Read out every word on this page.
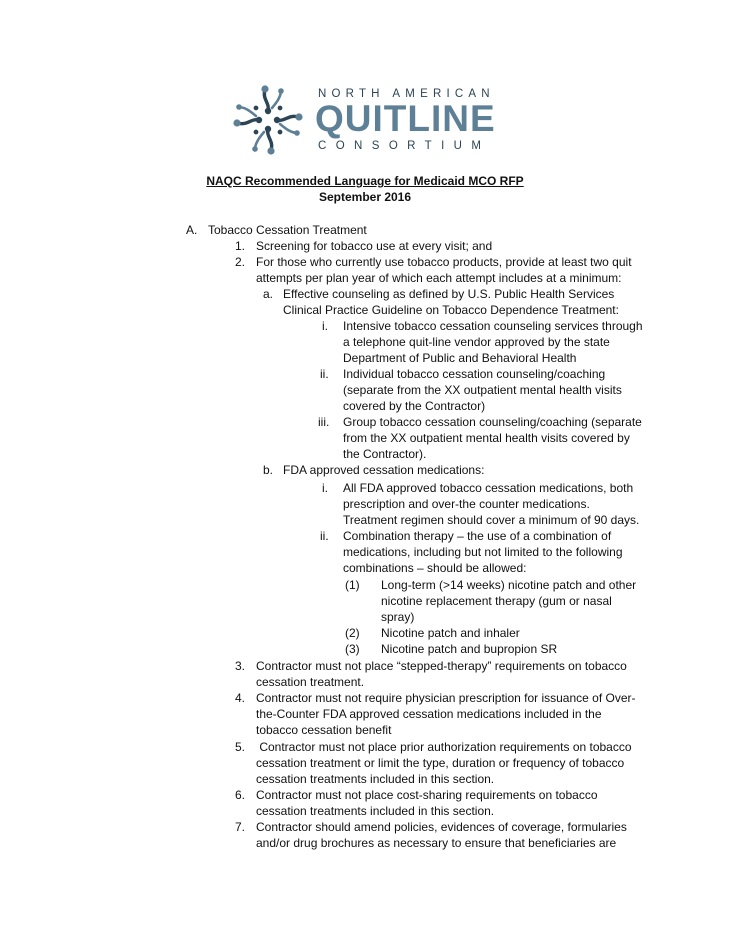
NORTH AMERICAN
QUITLINE
CONSORTIUM
NAQC Recommended Language for Medicaid MCO RFP
September 2016
A. Tobacco Cessation Treatment
1. Screening for tobacco use at every visit; and
2. For those who currently use tobacco products, provide at least two quit
attempts per plan year of which each attempt includes at a minimum:
a. Effective counseling as defined by U.S. Public Health Services
Clinical Practice Guideline on Tobacco Dependence Treatment:
i. Intensive tobacco cessation counseling services through
a telephone quit-line vendor approved by the state
Department of Public and Behavioral Health
ii. Individual tobacco cessation counseling/coaching
(separate from the XX outpatient mental health visits
covered by the Contractor)
iii. Group tobacco cessation counseling/coaching (separate
from the XX outpatient mental health visits covered by
the Contractor).
b. FDA approved cessation medications:
i. All FDA approved tobacco cessation medications, both
prescription and over-the counter medications.
Treatment regimen should cover a minimum of 90 days.
ii. Combination therapy – the use of a combination of
medications, including but not limited to the following
combinations – should be allowed:
(1) Long-term (>14 weeks) nicotine patch and other
nicotine replacement therapy (gum or nasal
spray)
(2) Nicotine patch and inhaler
(3) Nicotine patch and bupropion SR
3. Contractor must not place “stepped-therapy” requirements on tobacco
cessation treatment.
4. Contractor must not require physician prescription for issuance of Over-
the-Counter FDA approved cessation medications included in the
tobacco cessation benefit
5. Contractor must not place prior authorization requirements on tobacco
cessation treatment or limit the type, duration or frequency of tobacco
cessation treatments included in this section.
6. Contractor must not place cost-sharing requirements on tobacco
cessation treatments included in this section.
7. Contractor should amend policies, evidences of coverage, formularies
and/or drug brochures as necessary to ensure that beneficiaries are
